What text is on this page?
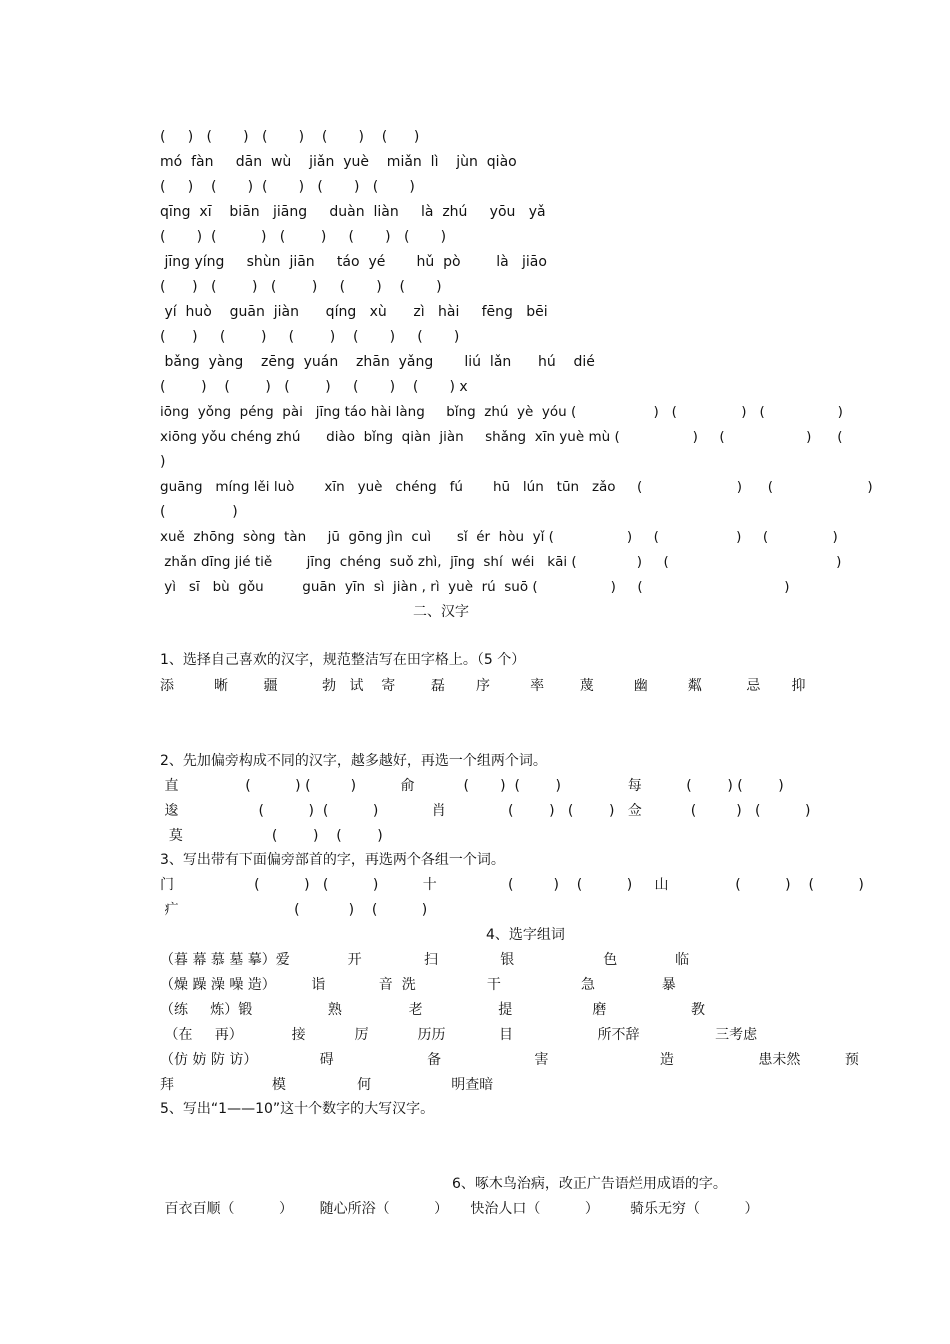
(     )   (       )   (       )    (       )    (      )
mó  fàn     dān  wù    jiǎn  yuè    miǎn  lì    jùn  qiào
(     )    (       )  (       )   (       )   (       )
qīng  xī    biān   jiāng     duàn  liàn     là  zhú     yōu   yǎ
(       )  (          )   (        )     (       )   (       )
jīng yíng     shùn  jiān     táo  yé       hǔ  pò        là   jiāo
(      )   (        )   (        )     (       )    (       )
yí  huò    guān  jiàn      qíng   xù      zì   hài     fēng   bēi
(      )     (        )     (        )    (       )     (       )
bǎng  yàng    zēng  yuán    zhān  yǎng       liú  lǎn      hú    dié
(        )    (        )   (        )     (       )    (       ) x
iōng  yǒng  péng  pài   jīng táo hài làng     bǐng  zhú  yè  yóu (                  )   (               )   (                 )
xiōng yǒu chéng zhú      diào  bǐng  qiàn  jiàn     shǎng  xīn yuè mù (                 )     (                   )      (
)
guāng   míng lěi luò       xīn   yuè   chéng   fú       hū   lún   tūn   zǎo     (                      )      (                      )
(               )
xuě  zhōng  sòng  tàn     jū  gōng jìn  cuì      sǐ  ér  hòu  yǐ (                 )     (                  )     (               )
zhǎn dīng jié tiě        jīng  chéng  suǒ zhì,  jīng  shí  wéi   kāi (              )     (                                       )
yì   sī   bù  gǒu         guān  yīn  sì  jiàn , rì  yuè  rú  suō (                 )     (                                 )
二、汉字
1、选择自己喜欢的汉字，规范整洁写在田字格上。（5 个）
添         晰        疆          勃   试    寄        磊       序         率        蔑         幽         粼          忌       抑
2、先加偏旁构成不同的汉字，越多越好，再选一个组两个词。
直               (          ) (         )          俞           (       )  (        )               每          (        ) (        )
逡                  (          )  (          )            肖              (        )   (        )   佥           (         )   (          )
莫                    (        )    (        )
3、写出带有下面偏旁部首的字，再选两个各组一个词。
门                  (          )   (          )          十                (         )    (          )     山               (          )    (          )
疒                          (           )    (          )
4、选字组词
（暮 幕 慕 墓 摹）爱             开              扫              银                    色             临
（燥 躁 澡 噪 造）        诣            音  洗                干                  急               暴
（练     炼）锻                 熟               老                 提                  磨                   教
（在     再）           接           厉           历历            目                   所不辞                 三考虑
（仿 妨 防 访）              碍                     备                     害                         造                   患未然          预
拜                      模                何                  明查暗
5、写出“1——10”这十个数字的大写汉字。
6、啄木鸟治病，改正广告语烂用成语的字。
百衣百顺（          ）      随心所浴（          ）     快治人口（          ）       骑乐无穷（          ）
